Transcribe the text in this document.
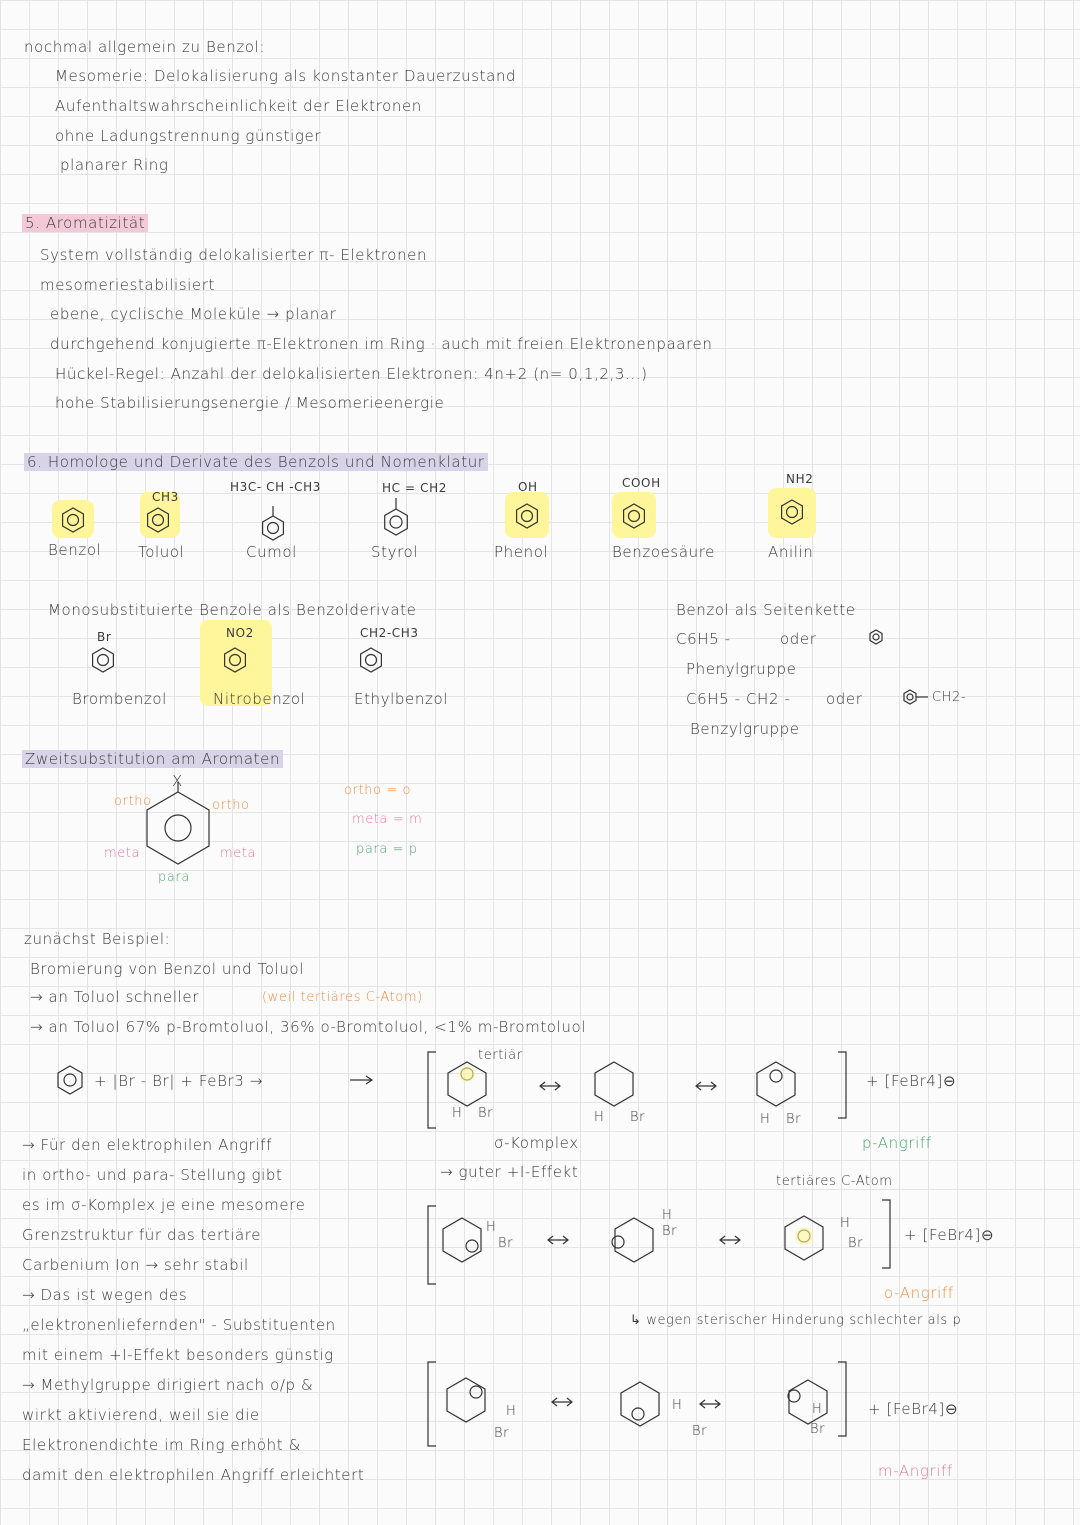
nochmal allgemein zu Benzol:
Mesomerie: Delokalisierung als konstanter Dauerzustand
Aufenthaltswahrscheinlichkeit der Elektronen
ohne Ladungstrennung günstiger
planarer Ring
5. Aromatizität
System vollständig delokalisierter π- Elektronen
mesomeriestabilisiert
ebene, cyclische Moleküle → planar
durchgehend konjugierte π-Elektronen im Ring · auch mit freien Elektronenpaaren
Hückel-Regel: Anzahl der delokalisierten Elektronen: 4n+2 (n= 0,1,2,3...)
hohe Stabilisierungsenergie / Mesomerieenergie
6. Homologe und Derivate des Benzols und Nomenklatur
CH3
H3C- CH -CH3	HC = CH2	OH	COOH	NH2
Benzol Toluol	Cumol	Styrol	Phenol	Benzoesäure	Anilin
Monosubstituierte Benzole als Benzolderivate
Br	NO2	CH2-CH3
Brombenzol	Nitrobenzol	Ethylbenzol
Benzol als Seitenkette
C6H5 -	oder
Phenylgruppe
C6H5 - CH2 - oder	CH2-
Benzylgruppe
Zweitsubstitution am Aromaten
X
ortho	ortho
meta	meta
para
ortho = o
meta = m
para = p
zunächst Beispiel:
Bromierung von Benzol und Toluol
→ an Toluol schneller	(weil tertiäres C-Atom)
→ an Toluol 67% p-Bromtoluol, 36% o-Bromtoluol, <1% m-Bromtoluol
+ |Br - Br| + FeBr3 →
tertiär
σ-Komplex
→ guter +I-Effekt
H Br	H Br	H Br
H
Br
H
Br
H
Br
H
Br
H
Br
H
Br
+ [FeBr4]⊖
+ [FeBr4]⊖
+ [FeBr4]⊖
p-Angriff
tertiäres C-Atom
o-Angriff
↳ wegen sterischer Hinderung schlechter als p
m-Angriff
→ Für den elektrophilen Angriff
in ortho- und para- Stellung gibt
es im σ-Komplex je eine mesomere
Grenzstruktur für das tertiäre
Carbenium Ion → sehr stabil
→ Das ist wegen des
„elektronenliefernden" - Substituenten
mit einem +I-Effekt besonders günstig
→ Methylgruppe dirigiert nach o/p &
wirkt aktivierend, weil sie die
Elektronendichte im Ring erhöht &
damit den elektrophilen Angriff erleichtert
